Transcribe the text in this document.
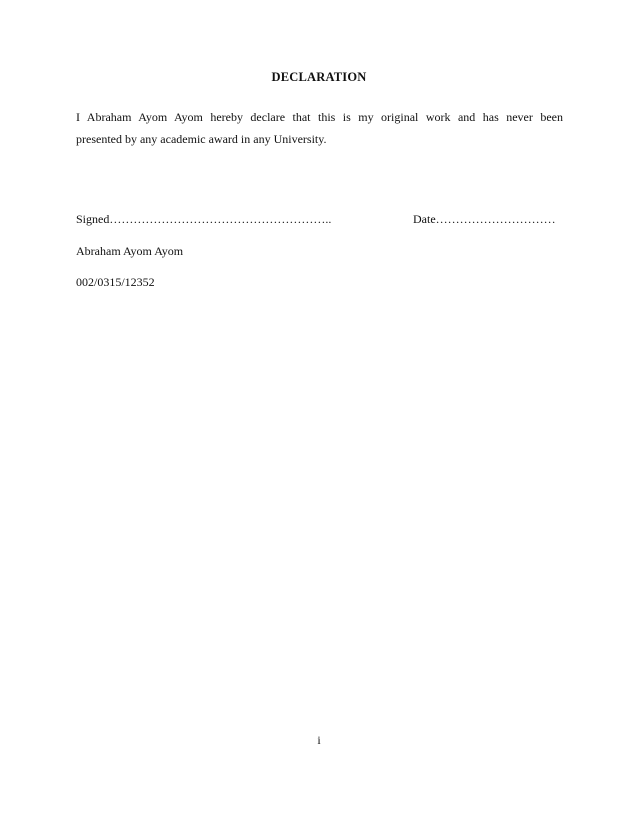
DECLARATION

I Abraham Ayom Ayom hereby declare that this is my original work and has never been

presented by any academic award in any University.

Signed………………………………………………..	Date…………………………
Abraham Ayom Ayom
002/0315/12352
i
